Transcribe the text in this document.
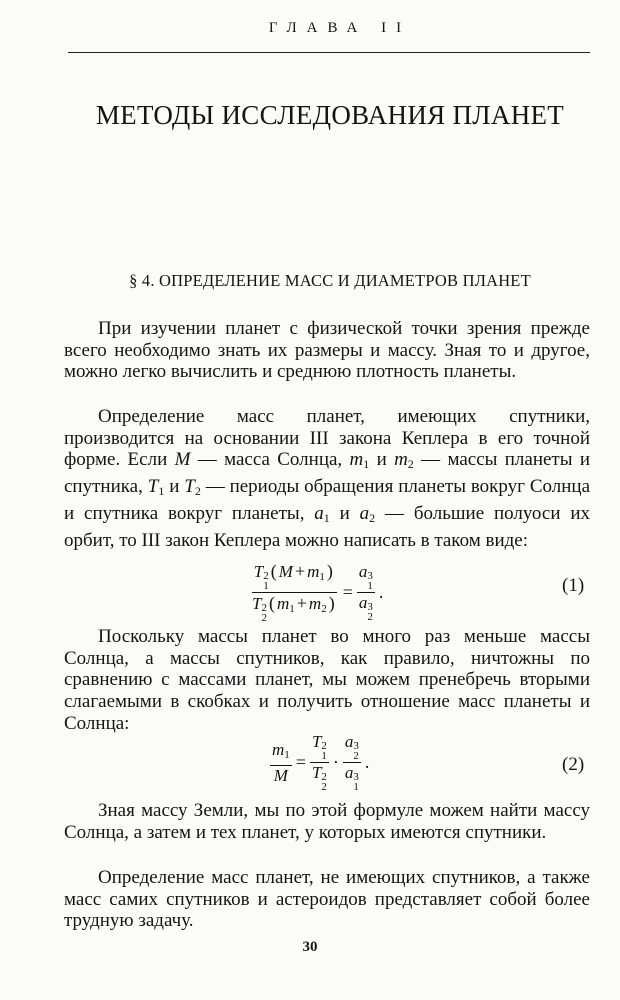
ГЛАВА II
МЕТОДЫ ИССЛЕДОВАНИЯ ПЛАНЕТ
§ 4. ОПРЕДЕЛЕНИЕ МАСС И ДИАМЕТРОВ ПЛАНЕТ

При изучении планет с физической точки зрения прежде всего необходимо знать их размеры и массу. Зная то и другое, можно легко вычислить и среднюю плотность планеты.

Определение масс планет, имеющих спутники, производится на основании III закона Кеплера в его точной форме. Если M — масса Солнца, $m_1$ и $m_2$ — массы планеты и спутника, $T_1$ и $T_2$ — периоды обращения планеты вокруг Солнца и спутника вокруг планеты, $a_1$ и $a_2$ — большие полуоси их орбит, то III закон Кеплера можно написать в таком виде:

T 2
1
( M + m1 )
T 2
2
( m1 + m2 ) = a 3
1
a 3
2 .	(1)

Поскольку массы планет во много раз меньше массы Солнца, а массы спутников, как правило, ничтожны по сравнению с массами планет, мы можем пренебречь вторыми слагаемыми в скобках и получить отношение масс планеты и Солнца:

$\frac{m1}{M} = T$ 2
1
T 2
2 · a 3
2
a 3
1 .	(2)

Зная массу Земли, мы по этой формуле можем найти массу Солнца, а затем и тех планет, у которых имеются спутники.

Определение масс планет, не имеющих спутников, а также масс самих спутников и астероидов представляет собой более трудную задачу.

30
